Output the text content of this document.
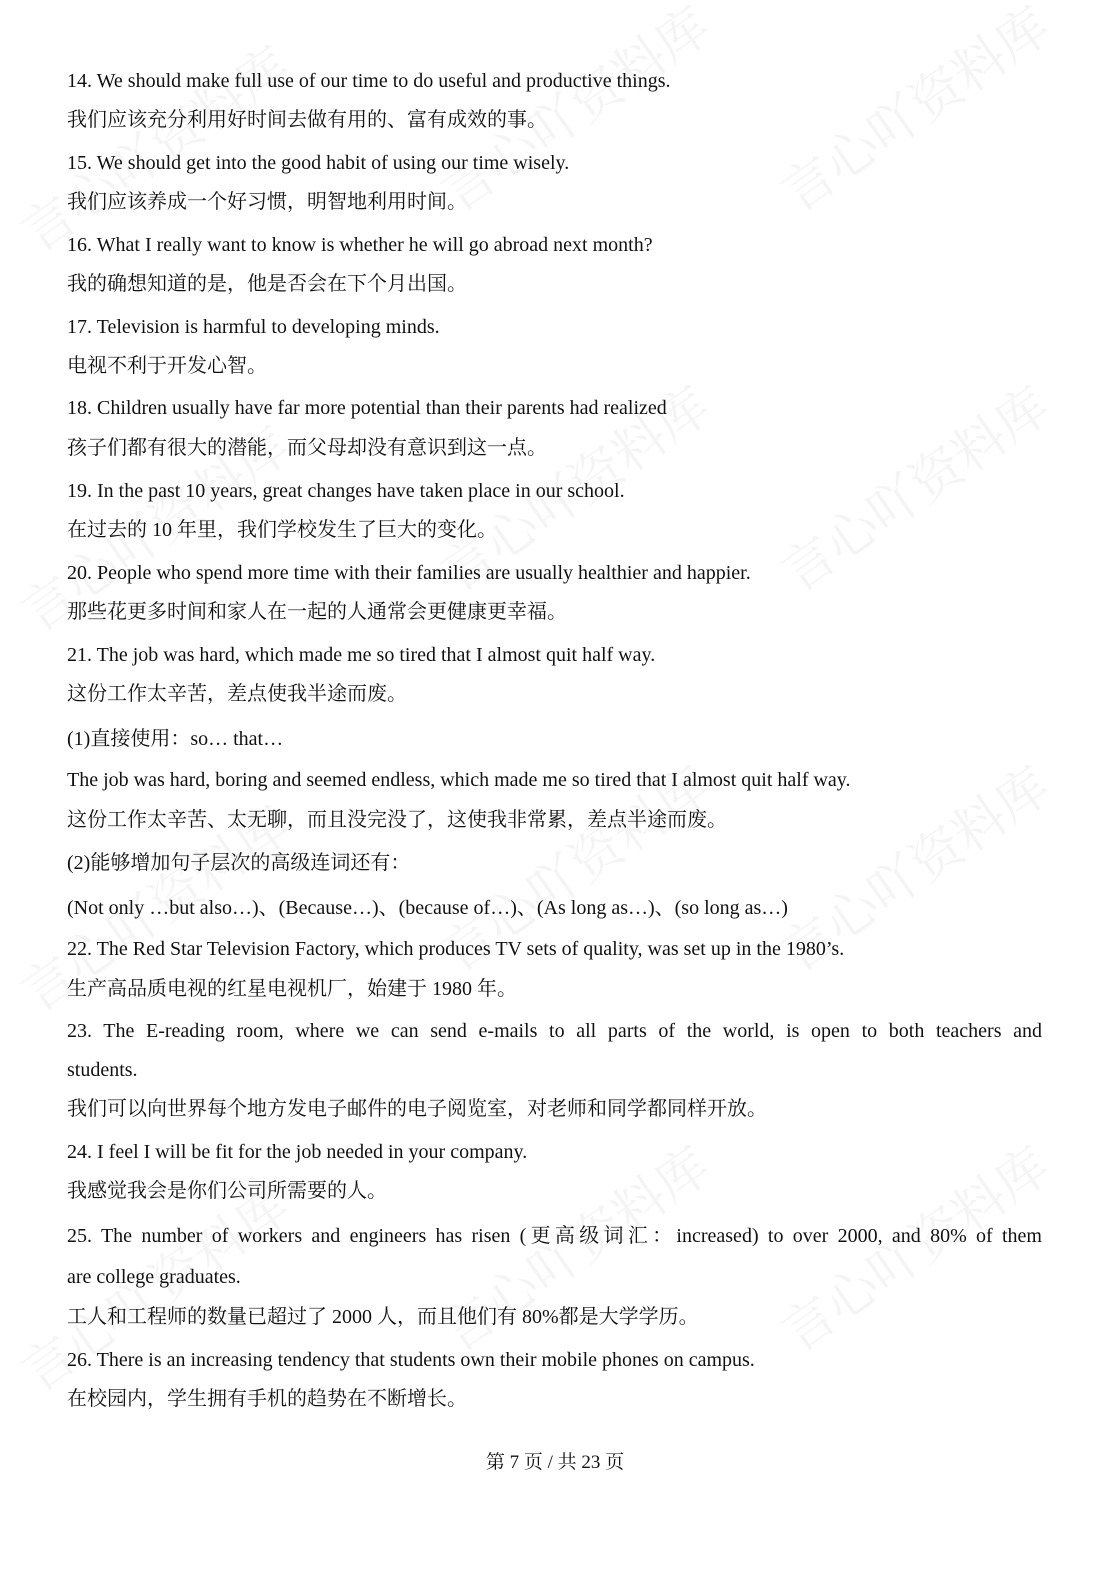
14. We should make full use of our time to do useful and productive things.
我们应该充分利用好时间去做有用的、富有成效的事。
15. We should get into the good habit of using our time wisely.
我们应该养成一个好习惯，明智地利用时间。
16. What I really want to know is whether he will go abroad next month?
我的确想知道的是，他是否会在下个月出国。
17. Television is harmful to developing minds.
电视不利于开发心智。
18. Children usually have far more potential than their parents had realized
孩子们都有很大的潜能，而父母却没有意识到这一点。
19. In the past 10 years, great changes have taken place in our school.
在过去的 10 年里，我们学校发生了巨大的变化。
20. People who spend more time with their families are usually healthier and happier.
那些花更多时间和家人在一起的人通常会更健康更幸福。
21. The job was hard, which made me so tired that I almost quit half way.
这份工作太辛苦，差点使我半途而废。
(1)直接使用：so… that…
The job was hard, boring and seemed endless, which made me so tired that I almost quit half way.
这份工作太辛苦、太无聊，而且没完没了，这使我非常累，差点半途而废。
(2)能够增加句子层次的高级连词还有：
(Not only …but also…)、(Because…)、(because of…)、(As long as…)、(so long as…)
22. The Red Star Television Factory, which produces TV sets of quality, was set up in the 1980’s.
生产高品质电视的红星电视机厂，始建于 1980 年。
23. The E-reading room, where we can send e-mails to all parts of the world, is open to both teachers and
students.
我们可以向世界每个地方发电子邮件的电子阅览室，对老师和同学都同样开放。
24. I feel I will be fit for the job needed in your company.
我感觉我会是你们公司所需要的人。
25. The number of workers and engineers has risen (更高级词汇：increased) to over 2000, and 80% of them
are college graduates.
工人和工程师的数量已超过了 2000 人，而且他们有 80%都是大学学历。
26. There is an increasing tendency that students own their mobile phones on campus.
在校园内，学生拥有手机的趋势在不断增长。
第 7 页 / 共 23 页
